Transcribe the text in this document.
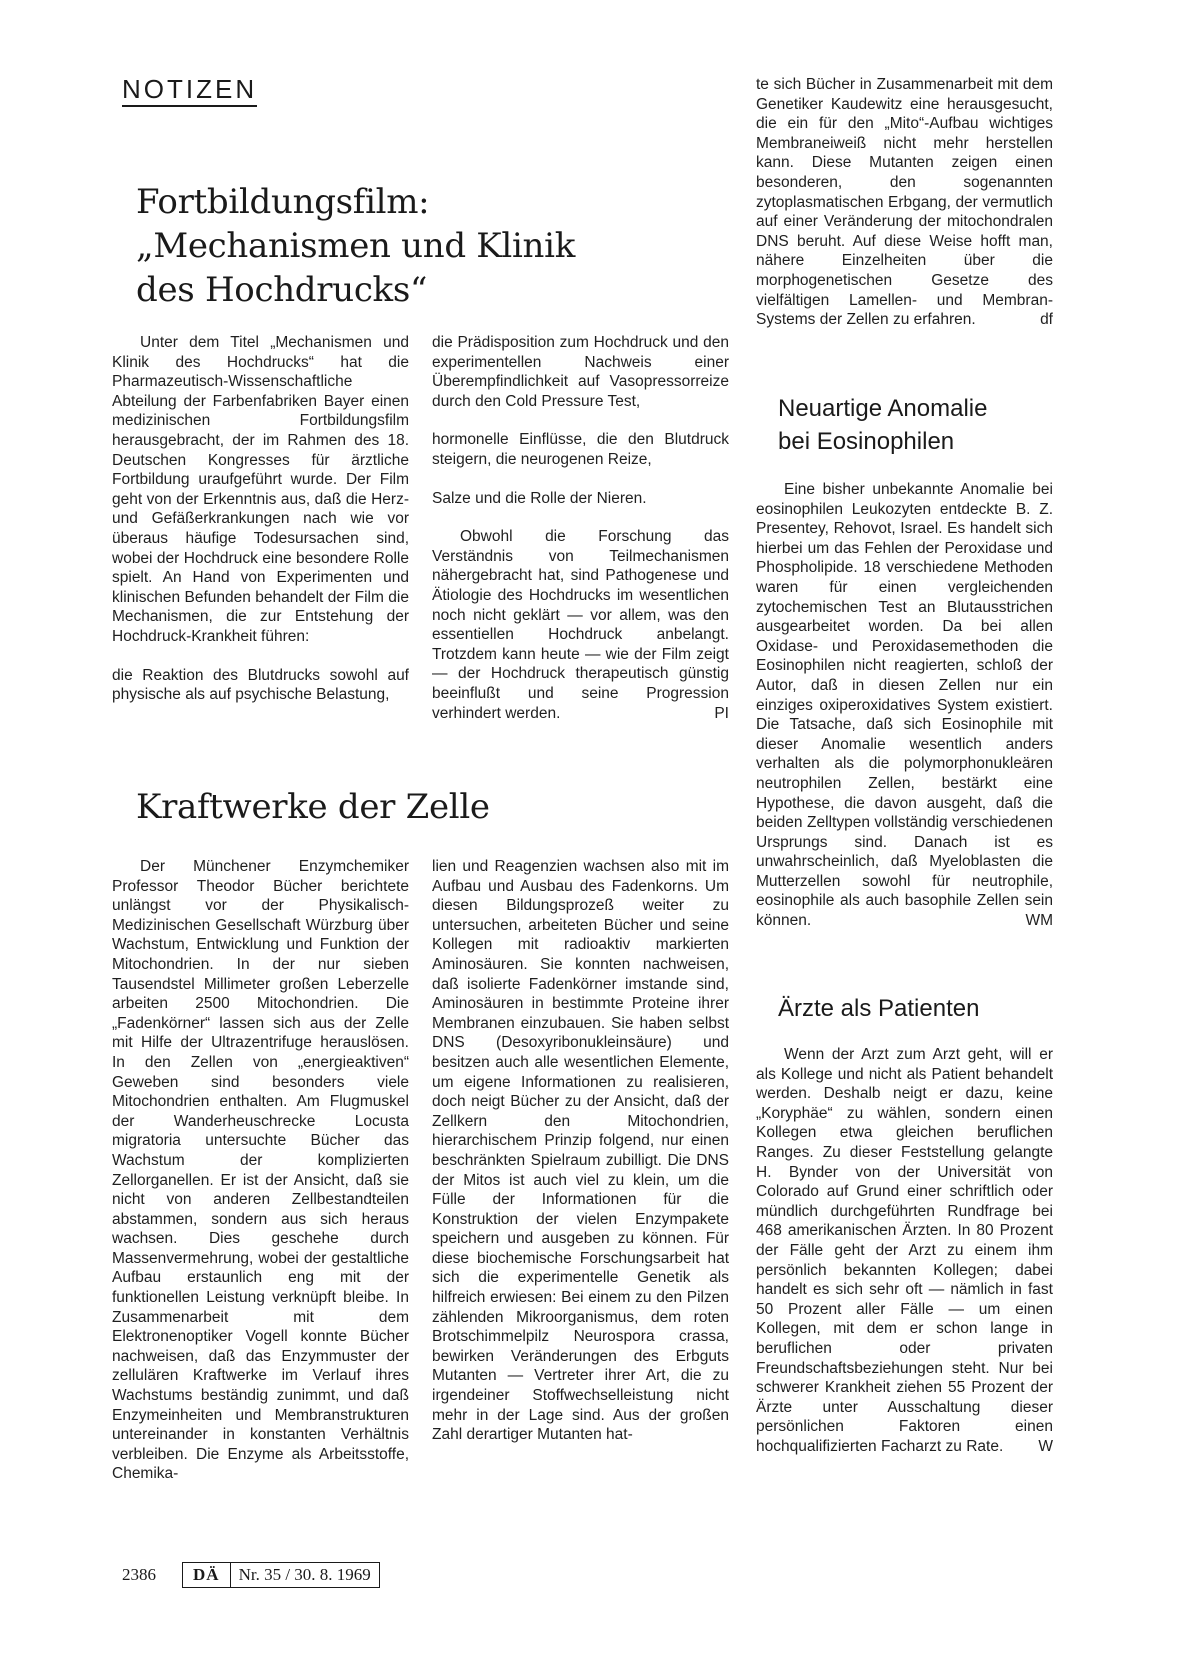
NOTIZEN
Fortbildungsfilm:
„Mechanismen und Klinik
des Hochdrucks“

Unter dem Titel „Mechanismen und Klinik des Hochdrucks“ hat die Pharmazeutisch-Wissenschaftliche Abteilung der Farbenfabriken Bayer einen medizinischen Fortbildungsfilm herausgebracht, der im Rahmen des 18. Deutschen Kongresses für ärztliche Fortbildung uraufgeführt wurde. Der Film geht von der Erkenntnis aus, daß die Herz- und Gefäßerkrankungen nach wie vor überaus häufige Todesursachen sind, wobei der Hochdruck eine besondere Rolle spielt. An Hand von Experimenten und klinischen Befunden behandelt der Film die Mechanismen, die zur Entstehung der Hochdruck-Krankheit führen:

die Reaktion des Blutdrucks sowohl auf physische als auf psychische Belastung,

die Prädisposition zum Hochdruck und den experimentellen Nachweis einer Überempfindlichkeit auf Vasopressorreize durch den Cold Pressure Test,

hormonelle Einflüsse, die den Blutdruck steigern, die neurogenen Reize,

Salze und die Rolle der Nieren.

Obwohl die Forschung das Verständnis von Teilmechanismen nähergebracht hat, sind Pathogenese und Ätiologie des Hochdrucks im wesentlichen noch nicht geklärt — vor allem, was den essentiellen Hochdruck anbelangt. Trotzdem kann heute — wie der Film zeigt — der Hochdruck therapeutisch günstig beeinflußt und seine Progression verhindert werden.	PI

Kraftwerke der Zelle

Der Münchener Enzymchemiker Professor Theodor Bücher berichtete unlängst vor der Physikalisch-Medizinischen Gesellschaft Würzburg über Wachstum, Entwicklung und Funktion der Mitochondrien. In der nur sieben Tausendstel Millimeter großen Leberzelle arbeiten 2500 Mitochondrien. Die „Fadenkörner“ lassen sich aus der Zelle mit Hilfe der Ultrazentrifuge herauslösen. In den Zellen von „energieaktiven“ Geweben sind besonders viele Mitochondrien enthalten. Am Flugmuskel der Wanderheuschrecke Locusta migratoria untersuchte Bücher das Wachstum der komplizierten Zellorganellen. Er ist der Ansicht, daß sie nicht von anderen Zellbestandteilen abstammen, sondern aus sich heraus wachsen. Dies geschehe durch Massenvermehrung, wobei der gestaltliche Aufbau erstaunlich eng mit der funktionellen Leistung verknüpft bleibe. In Zusammenarbeit mit dem Elektronenoptiker Vogell konnte Bücher nachweisen, daß das Enzymmuster der zellulären Kraftwerke im Verlauf ihres Wachstums beständig zunimmt, und daß Enzymeinheiten und Membranstrukturen untereinander in konstanten Verhältnis verbleiben. Die Enzyme als Arbeitsstoffe, Chemika-

lien und Reagenzien wachsen also mit im Aufbau und Ausbau des Fadenkorns. Um diesen Bildungsprozeß weiter zu untersuchen, arbeiteten Bücher und seine Kollegen mit radioaktiv markierten Aminosäuren. Sie konnten nachweisen, daß isolierte Fadenkörner imstande sind, Aminosäuren in bestimmte Proteine ihrer Membranen einzubauen. Sie haben selbst DNS (Desoxyribonukleinsäure) und besitzen auch alle wesentlichen Elemente, um eigene Informationen zu realisieren, doch neigt Bücher zu der Ansicht, daß der Zellkern den Mitochondrien, hierarchischem Prinzip folgend, nur einen beschränkten Spielraum zubilligt. Die DNS der Mitos ist auch viel zu klein, um die Fülle der Informationen für die Konstruktion der vielen Enzympakete speichern und ausgeben zu können. Für diese biochemische Forschungsarbeit hat sich die experimentelle Genetik als hilfreich erwiesen: Bei einem zu den Pilzen zählenden Mikroorganismus, dem roten Brotschimmelpilz Neurospora crassa, bewirken Veränderungen des Erbguts Mutanten — Vertreter ihrer Art, die zu irgendeiner Stoffwechselleistung nicht mehr in der Lage sind. Aus der großen Zahl derartiger Mutanten hat-

te sich Bücher in Zusammenarbeit mit dem Genetiker Kaudewitz eine herausgesucht, die ein für den „Mito“-Aufbau wichtiges Membraneiweiß nicht mehr herstellen kann. Diese Mutanten zeigen einen besonderen, den sogenannten zytoplasmatischen Erbgang, der vermutlich auf einer Veränderung der mitochondralen DNS beruht. Auf diese Weise hofft man, nähere Einzelheiten über die morphogenetischen Gesetze des vielfältigen Lamellen- und Membran-Systems der Zellen zu erfahren.	df

Neuartige Anomalie
bei Eosinophilen

Eine bisher unbekannte Anomalie bei eosinophilen Leukozyten entdeckte B. Z. Presentey, Rehovot, Israel. Es handelt sich hierbei um das Fehlen der Peroxidase und Phospholipide. 18 verschiedene Methoden waren für einen vergleichenden zytochemischen Test an Blutausstrichen ausgearbeitet worden. Da bei allen Oxidase- und Peroxidasemethoden die Eosinophilen nicht reagierten, schloß der Autor, daß in diesen Zellen nur ein einziges oxiperoxidatives System existiert. Die Tatsache, daß sich Eosinophile mit dieser Anomalie wesentlich anders verhalten als die polymorphonukleären neutrophilen Zellen, bestärkt eine Hypothese, die davon ausgeht, daß die beiden Zelltypen vollständig verschiedenen Ursprungs sind. Danach ist es unwahrscheinlich, daß Myeloblasten die Mutterzellen sowohl für neutrophile, eosinophile als auch basophile Zellen sein können.	WM

Ärzte als Patienten

Wenn der Arzt zum Arzt geht, will er als Kollege und nicht als Patient behandelt werden. Deshalb neigt er dazu, keine „Koryphäe“ zu wählen, sondern einen Kollegen etwa gleichen beruflichen Ranges. Zu dieser Feststellung gelangte H. Bynder von der Universität von Colorado auf Grund einer schriftlich oder mündlich durchgeführten Rundfrage bei 468 amerikanischen Ärzten. In 80 Prozent der Fälle geht der Arzt zu einem ihm persönlich bekannten Kollegen; dabei handelt es sich sehr oft — nämlich in fast 50 Prozent aller Fälle — um einen Kollegen, mit dem er schon lange in beruflichen oder privaten Freundschaftsbeziehungen steht. Nur bei schwerer Krankheit ziehen 55 Prozent der Ärzte unter Ausschaltung dieser persönlichen Faktoren einen hochqualifizierten Facharzt zu Rate. W

2386	DÄ	Nr. 35 / 30. 8. 1969
